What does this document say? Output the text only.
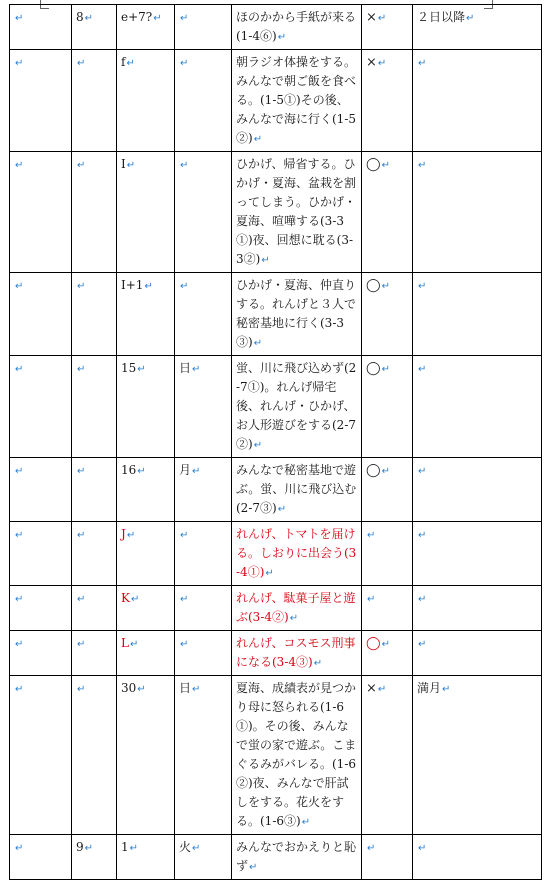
↵	8↵	e+7?↵	↵	ほのかから手紙が来る(1-4⑥)↵	×↵	２日以降↵
↵	↵	f↵	↵	朝ラジオ体操をする。みんなで朝ご飯を食べる。(1-5①)その後、みんなで海に行く(1-5②)↵	×↵	↵
↵	↵	I↵	↵	ひかげ、帰省する。ひかげ・夏海、盆栽を割ってしまう。ひかげ・夏海、喧嘩する(3-3①)夜、回想に耽る(3-3②)↵	◯↵	↵
↵	↵	I+1↵	↵	ひかげ・夏海、仲直りする。れんげと３人で秘密基地に行く(3-3③)↵	◯↵	↵
↵	↵	15↵	日↵	蛍、川に飛び込めず(2-7①)。れんげ帰宅後、れんげ・ひかげ、お人形遊びをする(2-7②)↵	◯↵	↵
↵	↵	16↵	月↵	みんなで秘密基地で遊ぶ。蛍、川に飛び込む(2-7③)↵	◯↵	↵
↵	↵	J↵	↵	れんげ、トマトを届ける。しおりに出会う(3-4①)↵	↵	↵
↵	↵	K↵	↵	れんげ、駄菓子屋と遊ぶ(3-4②)↵	↵	↵
↵	↵	L↵	↵	れんげ、コスモス刑事になる(3-4③)↵	◯↵	↵
↵	↵	30↵	日↵	夏海、成績表が見つかり母に怒られる(1-6①)。その後、みんなで蛍の家で遊ぶ。こまぐるみがバレる。(1-6②)夜、みんなで肝試しをする。花火をする。(1-6③)↵	×↵	満月↵
↵	9↵	1↵	火↵	みんなでおかえりと恥ず↵	↵	↵
